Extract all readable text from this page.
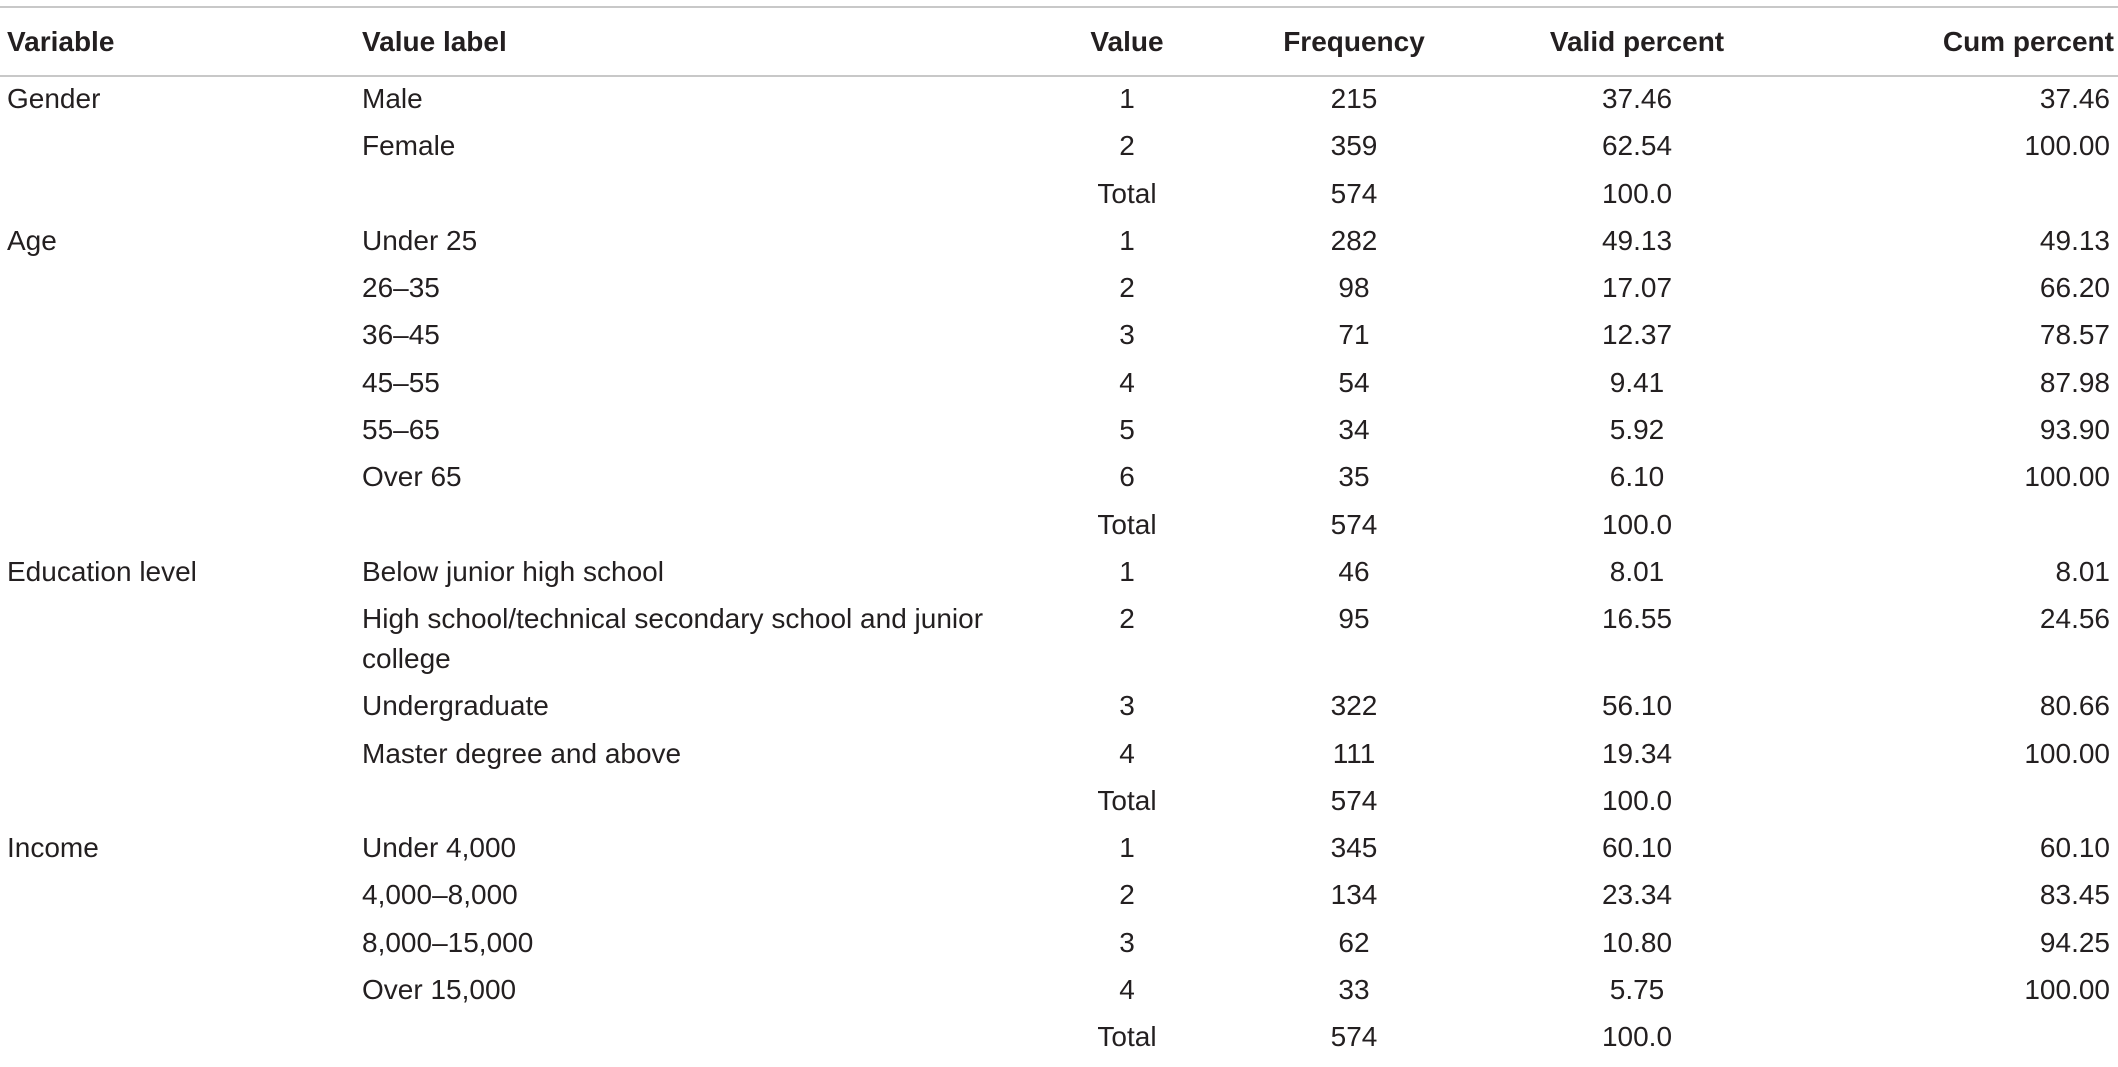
Variable	Value label	Value	Frequency	Valid percent	Cum percent
Gender	Male	1	215	37.46	37.46
	Female	2	359	62.54	100.00
		Total	574	100.0	
Age	Under 25	1	282	49.13	49.13
	26–35	2	98	17.07	66.20
	36–45	3	71	12.37	78.57
	45–55	4	54	9.41	87.98
	55–65	5	34	5.92	93.90
	Over 65	6	35	6.10	100.00
		Total	574	100.0	
Education level	Below junior high school	1	46	8.01	8.01
	High school/technical secondary school and junior college	2	95	16.55	24.56
	Undergraduate	3	322	56.10	80.66
	Master degree and above	4	111	19.34	100.00
		Total	574	100.0	
Income	Under 4,000	1	345	60.10	60.10
	4,000–8,000	2	134	23.34	83.45
	8,000–15,000	3	62	10.80	94.25
	Over 15,000	4	33	5.75	100.00
		Total	574	100.0	
